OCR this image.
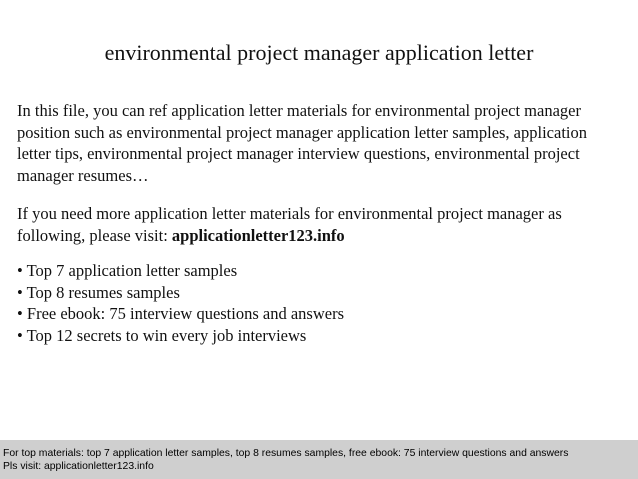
environmental project manager application letter
In this file, you can ref application letter materials for environmental project manager position such as environmental project manager application letter samples, application letter tips, environmental project manager interview questions, environmental project manager resumes…
If you need more application letter materials for environmental project manager as following, please visit: applicationletter123.info
• Top 7 application letter samples
• Top 8 resumes samples
• Free ebook: 75 interview questions and answers
• Top 12 secrets to win every job interviews
For top materials: top 7 application letter samples, top 8 resumes samples, free ebook: 75 interview questions and answers
Pls visit: applicationletter123.info
